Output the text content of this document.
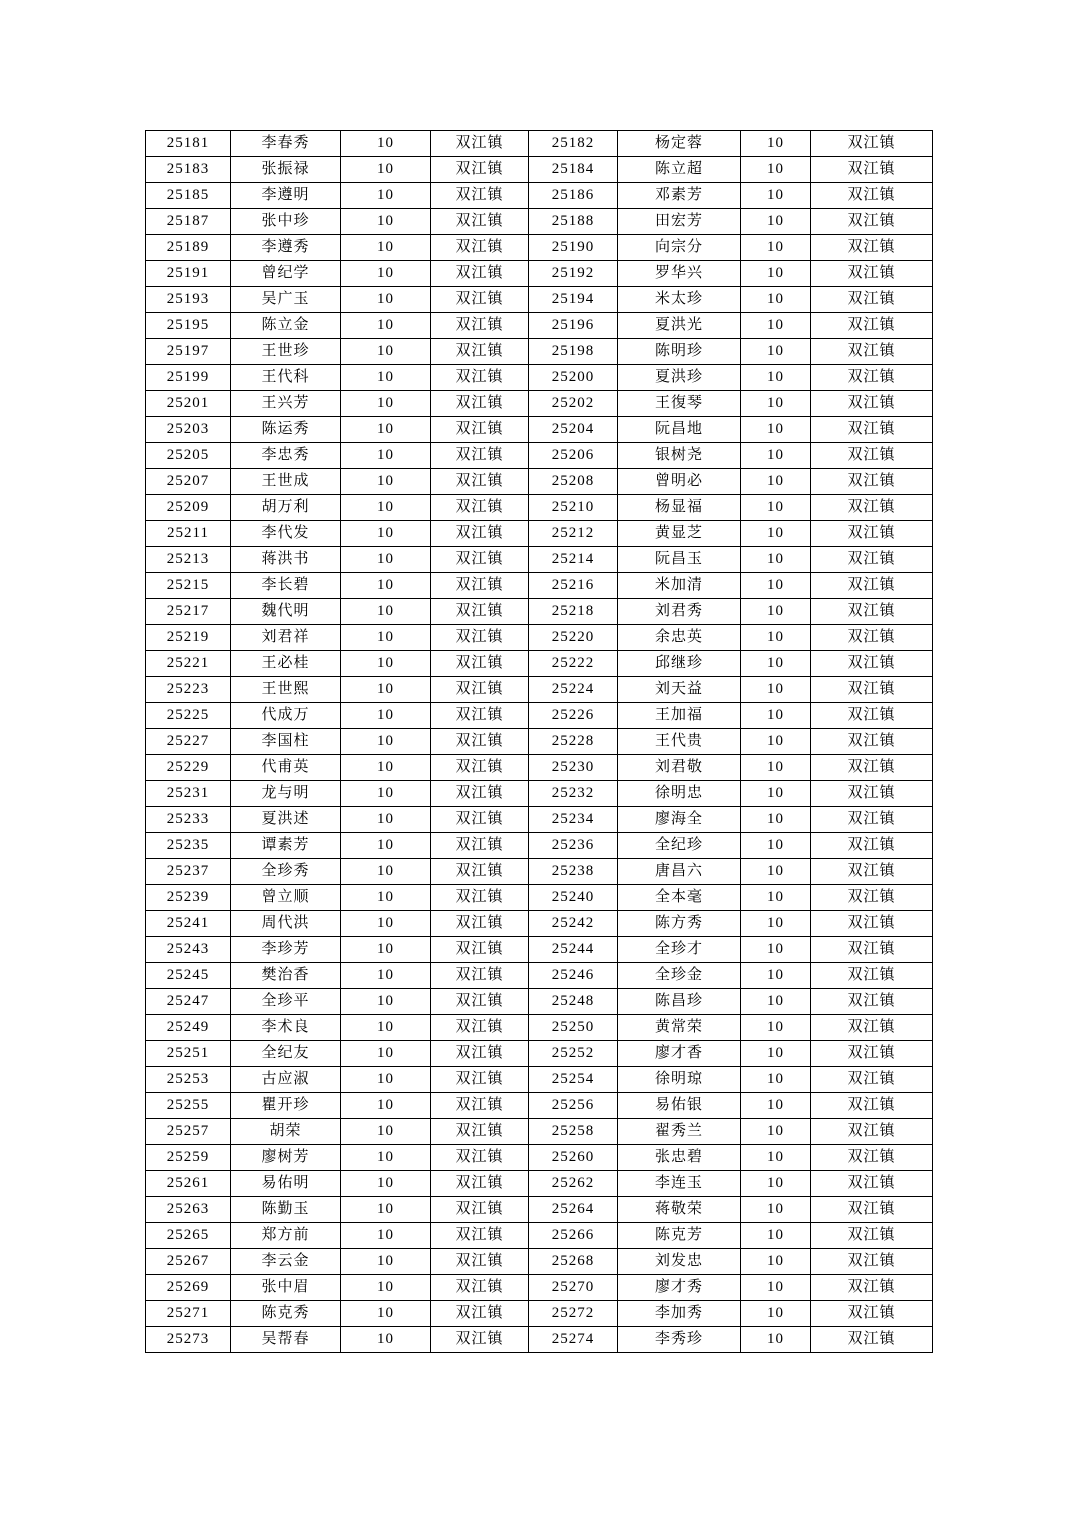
25181	李春秀	10	双江镇	25182	杨定蓉	10	双江镇
25183	张振禄	10	双江镇	25184	陈立超	10	双江镇
25185	李遵明	10	双江镇	25186	邓素芳	10	双江镇
25187	张中珍	10	双江镇	25188	田宏芳	10	双江镇
25189	李遵秀	10	双江镇	25190	向宗分	10	双江镇
25191	曾纪学	10	双江镇	25192	罗华兴	10	双江镇
25193	吴广玉	10	双江镇	25194	米太珍	10	双江镇
25195	陈立金	10	双江镇	25196	夏洪光	10	双江镇
25197	王世珍	10	双江镇	25198	陈明珍	10	双江镇
25199	王代科	10	双江镇	25200	夏洪珍	10	双江镇
25201	王兴芳	10	双江镇	25202	王復琴	10	双江镇
25203	陈运秀	10	双江镇	25204	阮昌地	10	双江镇
25205	李忠秀	10	双江镇	25206	银树尧	10	双江镇
25207	王世成	10	双江镇	25208	曾明必	10	双江镇
25209	胡万利	10	双江镇	25210	杨显福	10	双江镇
25211	李代发	10	双江镇	25212	黄显芝	10	双江镇
25213	蒋洪书	10	双江镇	25214	阮昌玉	10	双江镇
25215	李长碧	10	双江镇	25216	米加清	10	双江镇
25217	魏代明	10	双江镇	25218	刘君秀	10	双江镇
25219	刘君祥	10	双江镇	25220	余忠英	10	双江镇
25221	王必桂	10	双江镇	25222	邱继珍	10	双江镇
25223	王世熙	10	双江镇	25224	刘天益	10	双江镇
25225	代成万	10	双江镇	25226	王加福	10	双江镇
25227	李国柱	10	双江镇	25228	王代贵	10	双江镇
25229	代甫英	10	双江镇	25230	刘君敬	10	双江镇
25231	龙与明	10	双江镇	25232	徐明忠	10	双江镇
25233	夏洪述	10	双江镇	25234	廖海全	10	双江镇
25235	谭素芳	10	双江镇	25236	全纪珍	10	双江镇
25237	全珍秀	10	双江镇	25238	唐昌六	10	双江镇
25239	曾立顺	10	双江镇	25240	全本毫	10	双江镇
25241	周代洪	10	双江镇	25242	陈方秀	10	双江镇
25243	李珍芳	10	双江镇	25244	全珍才	10	双江镇
25245	樊治香	10	双江镇	25246	全珍金	10	双江镇
25247	全珍平	10	双江镇	25248	陈昌珍	10	双江镇
25249	李术良	10	双江镇	25250	黄常荣	10	双江镇
25251	全纪友	10	双江镇	25252	廖才香	10	双江镇
25253	古应淑	10	双江镇	25254	徐明琼	10	双江镇
25255	瞿开珍	10	双江镇	25256	易佑银	10	双江镇
25257	胡荣	10	双江镇	25258	翟秀兰	10	双江镇
25259	廖树芳	10	双江镇	25260	张忠碧	10	双江镇
25261	易佑明	10	双江镇	25262	李连玉	10	双江镇
25263	陈勤玉	10	双江镇	25264	蒋敬荣	10	双江镇
25265	郑方前	10	双江镇	25266	陈克芳	10	双江镇
25267	李云金	10	双江镇	25268	刘发忠	10	双江镇
25269	张中眉	10	双江镇	25270	廖才秀	10	双江镇
25271	陈克秀	10	双江镇	25272	李加秀	10	双江镇
25273	吴帮春	10	双江镇	25274	李秀珍	10	双江镇
